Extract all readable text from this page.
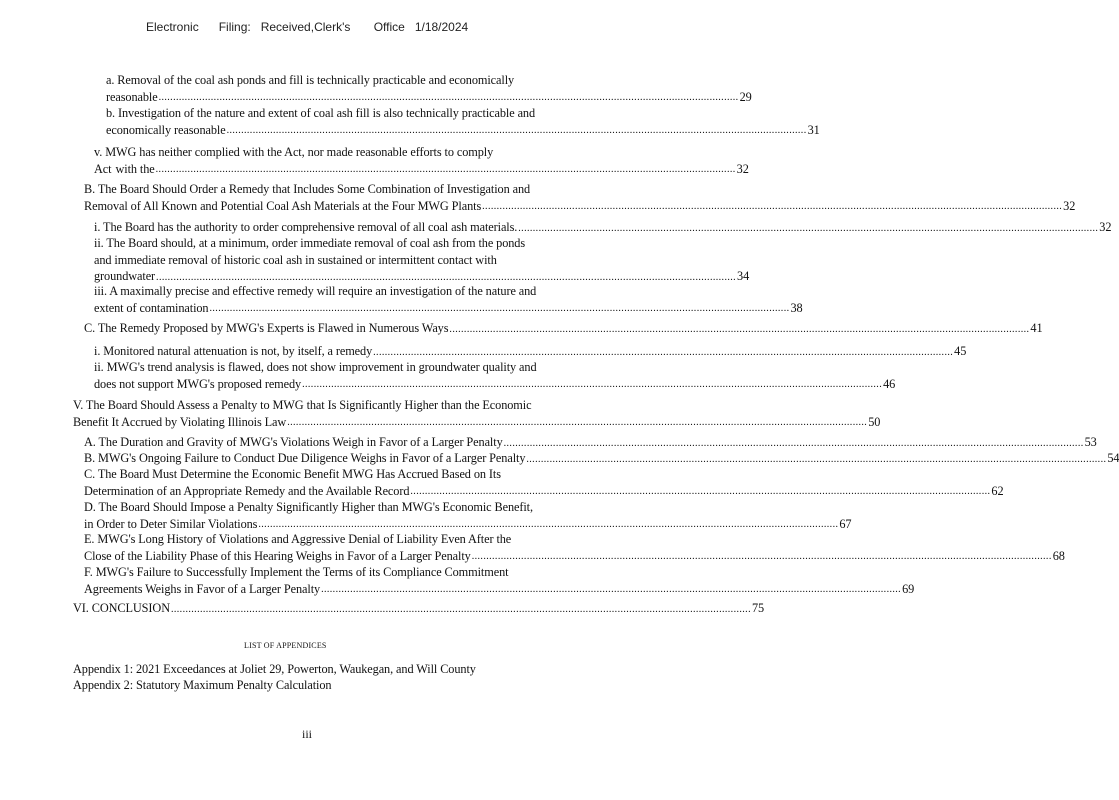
Electronic      Filing:   Received,Clerk's       Office   1/18/2024
a. Removal of the coal ash ponds and fill is technically practicable and economically
reasonable ........................................................................................................................................................................................................ 29
b. Investigation of the nature and extent of coal ash fill is also technically practicable and
economically reasonable ........................................................................................................................................................................................................ 31
v. MWG has neither complied with the Act, nor made reasonable efforts to comply
Act with the ........................................................................................................................................................................................................ 32
B. The Board Should Order a Remedy that Includes Some Combination of Investigation and
Removal of All Known and Potential Coal Ash Materials at the Four MWG Plants ........................................................................................................................................................................................................ 32
i. The Board has the authority to order comprehensive removal of all coal ash materials. ........................................................................................................................................................................................................ 32
ii. The Board should, at a minimum, order immediate removal of coal ash from the ponds
and immediate removal of historic coal ash in sustained or intermittent contact with
groundwater ........................................................................................................................................................................................................ 34
iii. A maximally precise and effective remedy will require an investigation of the nature and
extent of contamination ........................................................................................................................................................................................................ 38
C. The Remedy Proposed by MWG's Experts is Flawed in Numerous Ways ........................................................................................................................................................................................................ 41
i. Monitored natural attenuation is not, by itself, a remedy ........................................................................................................................................................................................................ 45
ii. MWG's trend analysis is flawed, does not show improvement in groundwater quality and
does not support MWG's proposed remedy ........................................................................................................................................................................................................ 46
V. The Board Should Assess a Penalty to MWG that Is Significantly Higher than the Economic
Benefit It Accrued by Violating Illinois Law ........................................................................................................................................................................................................ 50
A. The Duration and Gravity of MWG's Violations Weigh in Favor of a Larger Penalty ........................................................................................................................................................................................................ 53
B. MWG's Ongoing Failure to Conduct Due Diligence Weighs in Favor of a Larger Penalty ........................................................................................................................................................................................................ 54
C. The Board Must Determine the Economic Benefit MWG Has Accrued Based on Its
Determination of an Appropriate Remedy and the Available Record ........................................................................................................................................................................................................ 62
D. The Board Should Impose a Penalty Significantly Higher than MWG's Economic Benefit,
in Order to Deter Similar Violations ........................................................................................................................................................................................................ 67
E. MWG's Long History of Violations and Aggressive Denial of Liability Even After the
Close of the Liability Phase of this Hearing Weighs in Favor of a Larger Penalty ........................................................................................................................................................................................................ 68
F. MWG's Failure to Successfully Implement the Terms of its Compliance Commitment
Agreements Weighs in Favor of a Larger Penalty ........................................................................................................................................................................................................ 69
VI. CONCLUSION ........................................................................................................................................................................................................ 75
LIST OF APPENDICES
Appendix 1: 2021 Exceedances at Joliet 29, Powerton, Waukegan, and Will County
Appendix 2: Statutory Maximum Penalty Calculation
iii
